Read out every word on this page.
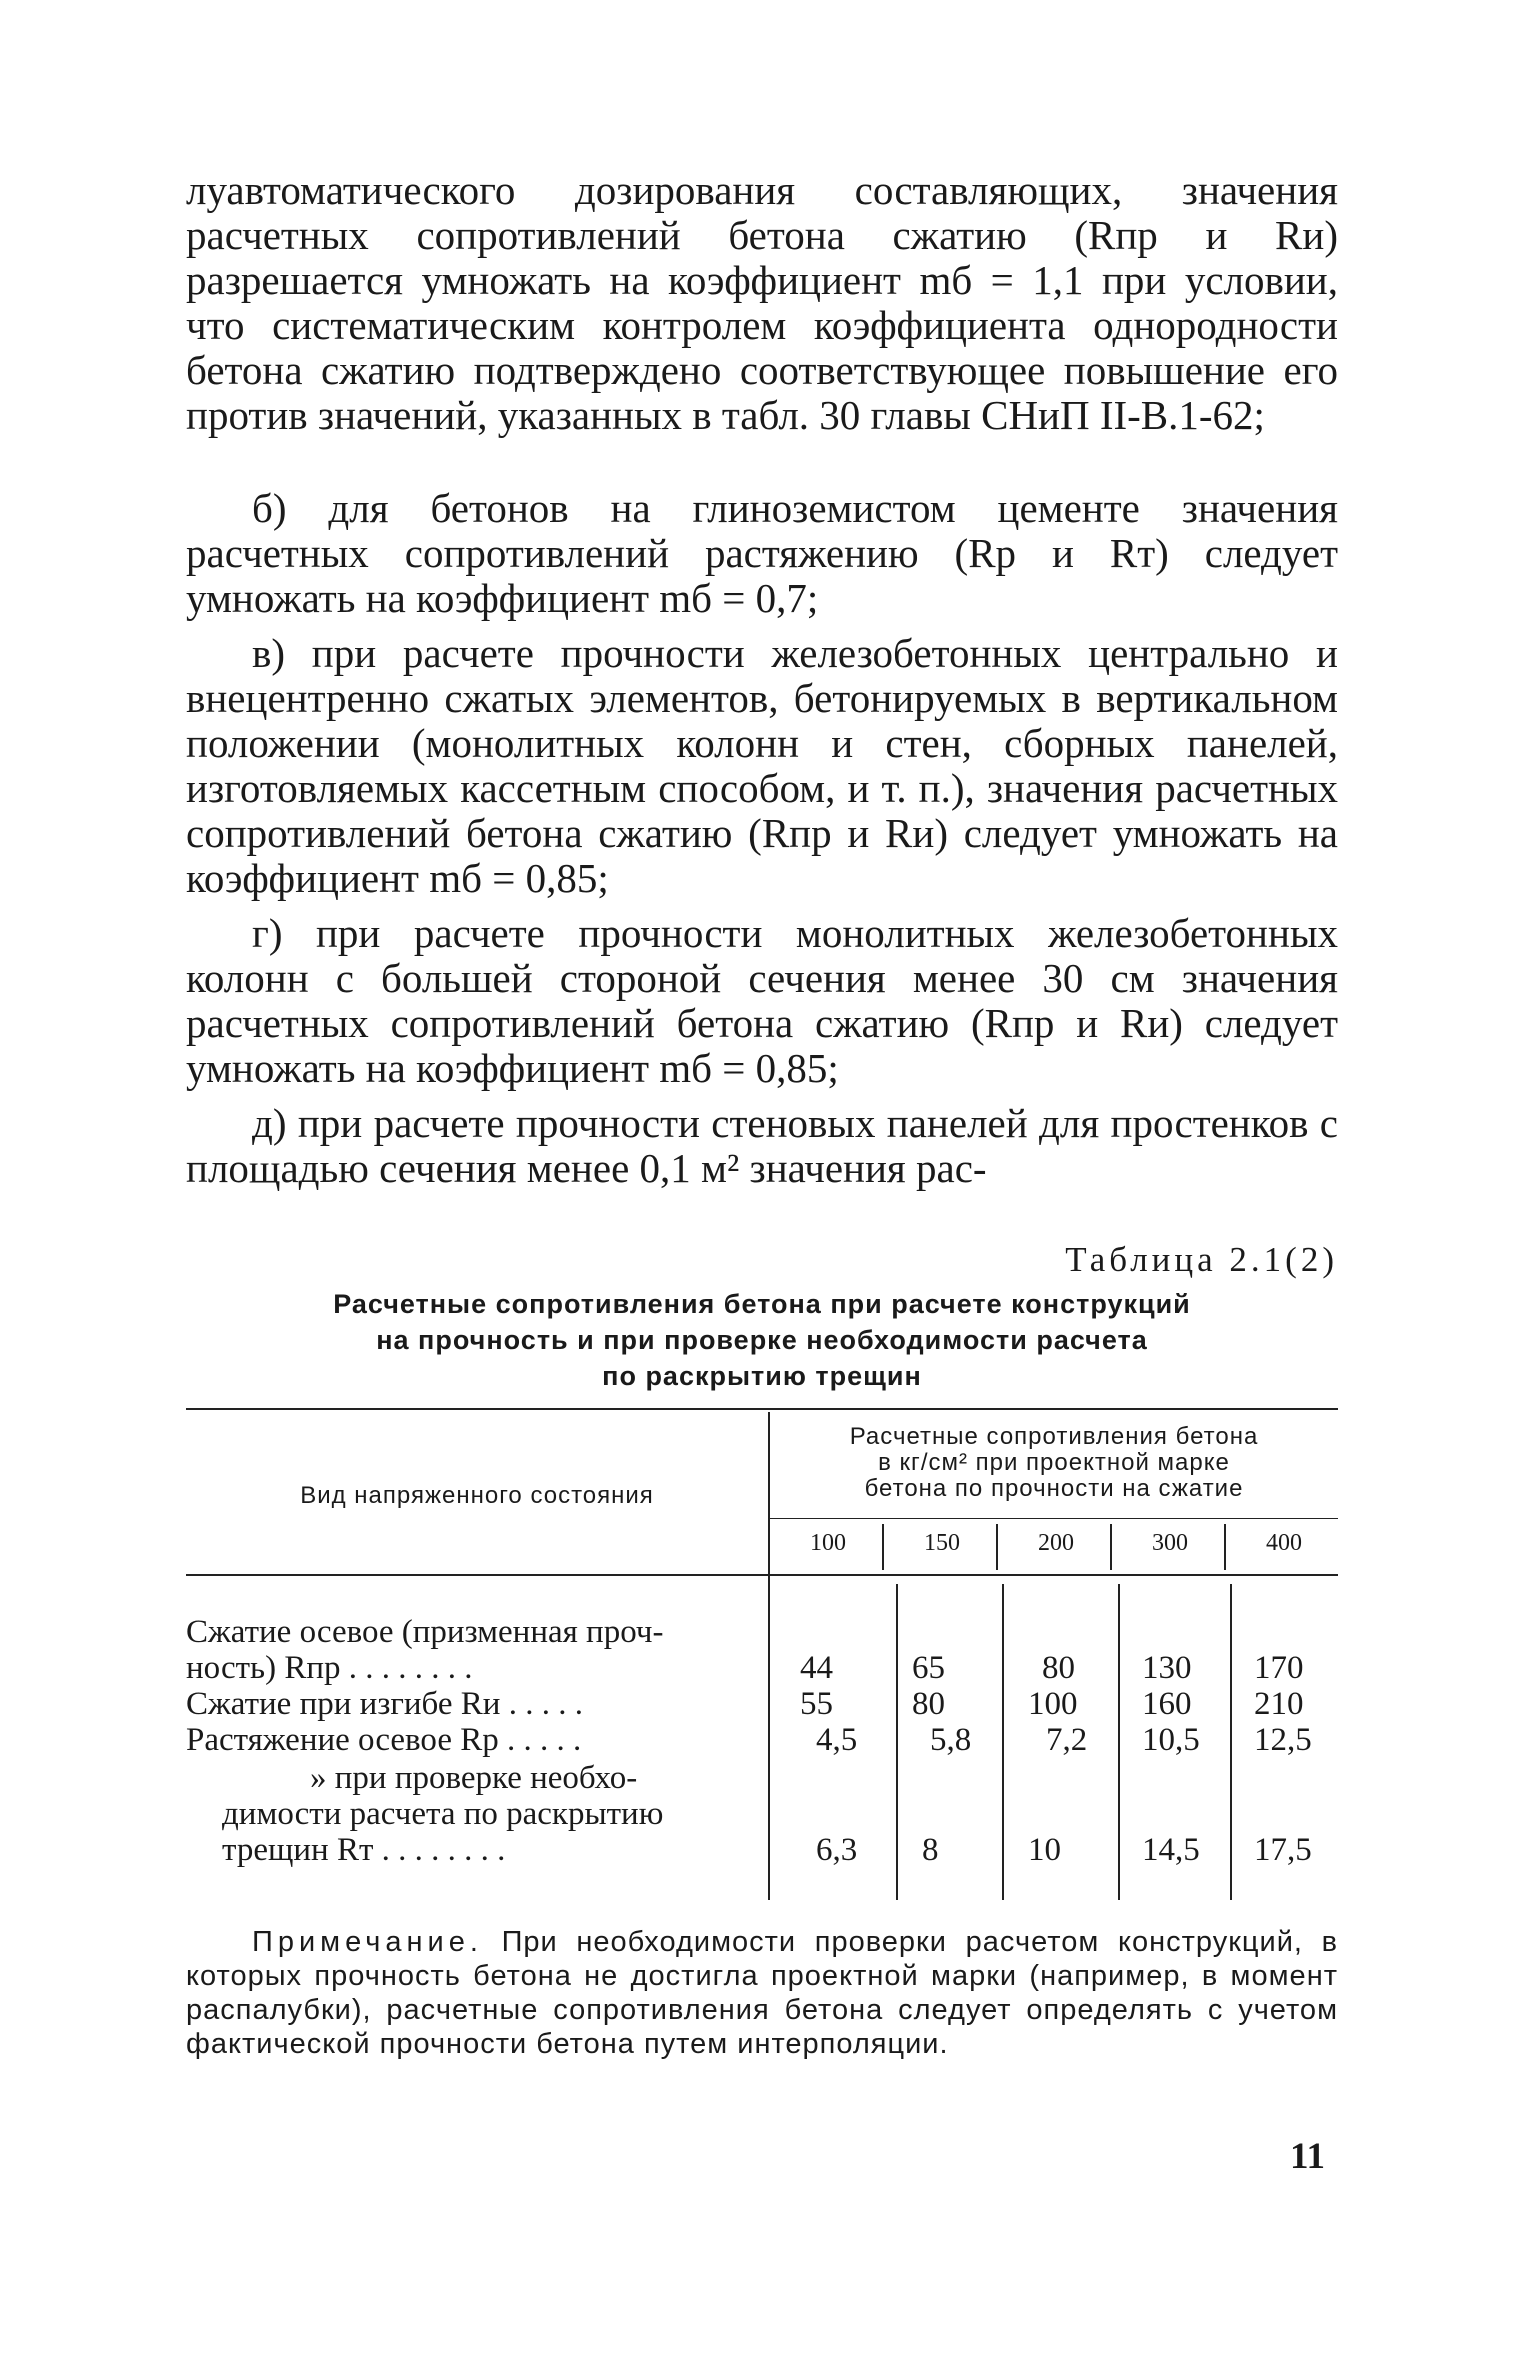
луавтоматического дозирования составляющих, значения расчетных сопротивлений бетона сжатию (Rпр и Rи) разрешается умножать на коэффициент mб = 1,1 при условии, что систематическим контролем коэффициента однородности бетона сжатию подтверждено соответствующее повышение его против значений, указанных в табл. 30 главы СНиП II-В.1-62;

б) для бетонов на глиноземистом цементе значения расчетных сопротивлений растяжению (Rр и Rт) следует умножать на коэффициент mб = 0,7;

в) при расчете прочности железобетонных центрально и внецентренно сжатых элементов, бетонируемых в вертикальном положении (монолитных колонн и стен, сборных панелей, изготовляемых кассетным способом, и т. п.), значения расчетных сопротивлений бетона сжатию (Rпр и Rи) следует умножать на коэффициент mб = 0,85;

г) при расчете прочности монолитных железобетонных колонн с большей стороной сечения менее 30 см значения расчетных сопротивлений бетона сжатию (Rпр и Rи) следует умножать на коэффициент mб = 0,85;

д) при расчете прочности стеновых панелей для простенков с площадью сечения менее 0,1 м² значения рас-

Таблица 2.1(2)
Расчетные сопротивления бетона при расчете конструкций
на прочность и при проверке необходимости расчета
по раскрытию трещин
Вид напряженного состояния
Расчетные сопротивления бетона
в кг/см² при проектной марке
бетона по прочности на сжатие
100	150	200	300	400
Сжатие осевое (призменная проч-
ность) Rпр . . . . . . . .	44	65	80	130	170
Сжатие при изгибе Rи . . . . .	55	80	100	160	210
Растяжение осевое Rр . . . . .	4,5	5,8	7,2	10,5	12,5
» при проверке необхо-
димости расчета по раскрытию
трещин Rт . . . . . . . .	6,3	8	10	14,5	17,5
Примечание. При необходимости проверки расчетом конструкций, в которых прочность бетона не достигла проектной марки (например, в момент распалубки), расчетные сопротивления бетона следует определять с учетом фактической прочности бетона путем интерполяции.
11
